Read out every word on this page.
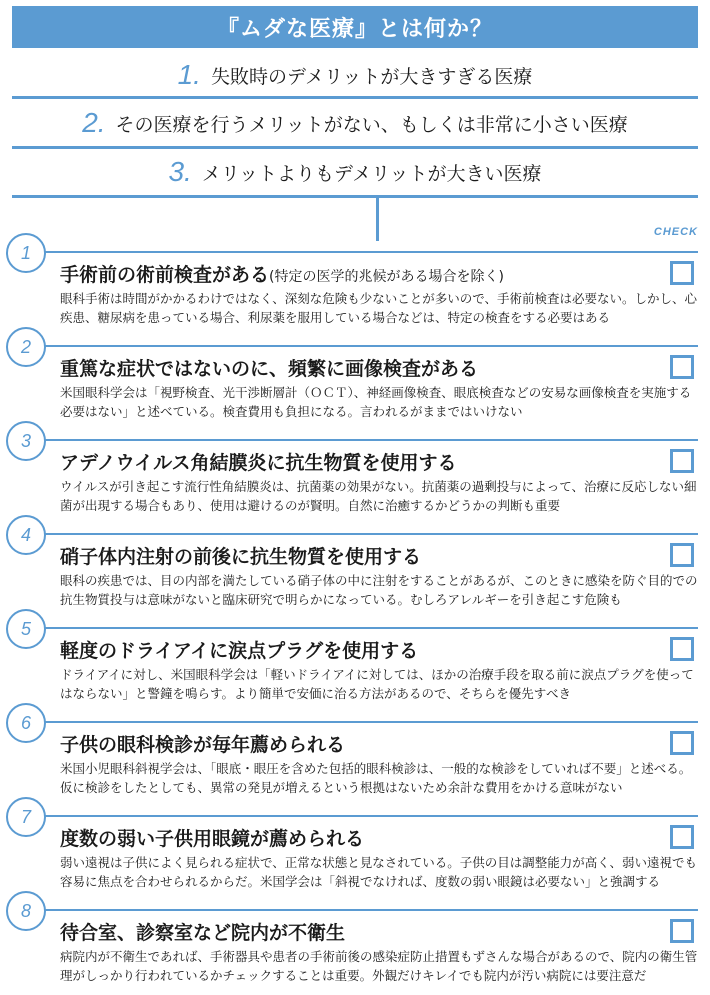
『ムダな医療』とは何か？
1. 失敗時のデメリットが大きすぎる医療
2. その医療を行うメリットがない、もしくは非常に小さい医療
3. メリットよりもデメリットが大きい医療
CHECK
1
手術前の術前検査がある(特定の医学的兆候がある場合を除く)
眼科手術は時間がかかるわけではなく、深刻な危険も少ないことが多いので、手術前検査は必要ない。しかし、心疾患、糖尿病を患っている場合、利尿薬を服用している場合などは、特定の検査をする必要はある
2
重篤な症状ではないのに、頻繁に画像検査がある
米国眼科学会は「視野検査、光干渉断層計（ＯＣＴ）、神経画像検査、眼底検査などの安易な画像検査を実施する必要はない」と述べている。検査費用も負担になる。言われるがままではいけない
3
アデノウイルス角結膜炎に抗生物質を使用する
ウイルスが引き起こす流行性角結膜炎は、抗菌薬の効果がない。抗菌薬の過剰投与によって、治療に反応しない細菌が出現する場合もあり、使用は避けるのが賢明。自然に治癒するかどうかの判断も重要
4
硝子体内注射の前後に抗生物質を使用する
眼科の疾患では、目の内部を満たしている硝子体の中に注射をすることがあるが、このときに感染を防ぐ目的での抗生物質投与は意味がないと臨床研究で明らかになっている。むしろアレルギーを引き起こす危険も
5
軽度のドライアイに涙点プラグを使用する
ドライアイに対し、米国眼科学会は「軽いドライアイに対しては、ほかの治療手段を取る前に涙点プラグを使ってはならない」と警鐘を鳴らす。より簡単で安価に治る方法があるので、そちらを優先すべき
6
子供の眼科検診が毎年薦められる
米国小児眼科斜視学会は、「眼底・眼圧を含めた包括的眼科検診は、一般的な検診をしていれば不要」と述べる。仮に検診をしたとしても、異常の発見が増えるという根拠はないため余計な費用をかける意味がない
7
度数の弱い子供用眼鏡が薦められる
弱い遠視は子供によく見られる症状で、正常な状態と見なされている。子供の目は調整能力が高く、弱い遠視でも容易に焦点を合わせられるからだ。米国学会は「斜視でなければ、度数の弱い眼鏡は必要ない」と強調する
8
待合室、診察室など院内が不衛生
病院内が不衛生であれば、手術器具や患者の手術前後の感染症防止措置もずさんな場合があるので、院内の衛生管理がしっかり行われているかチェックすることは重要。外観だけキレイでも院内が汚い病院には要注意だ
